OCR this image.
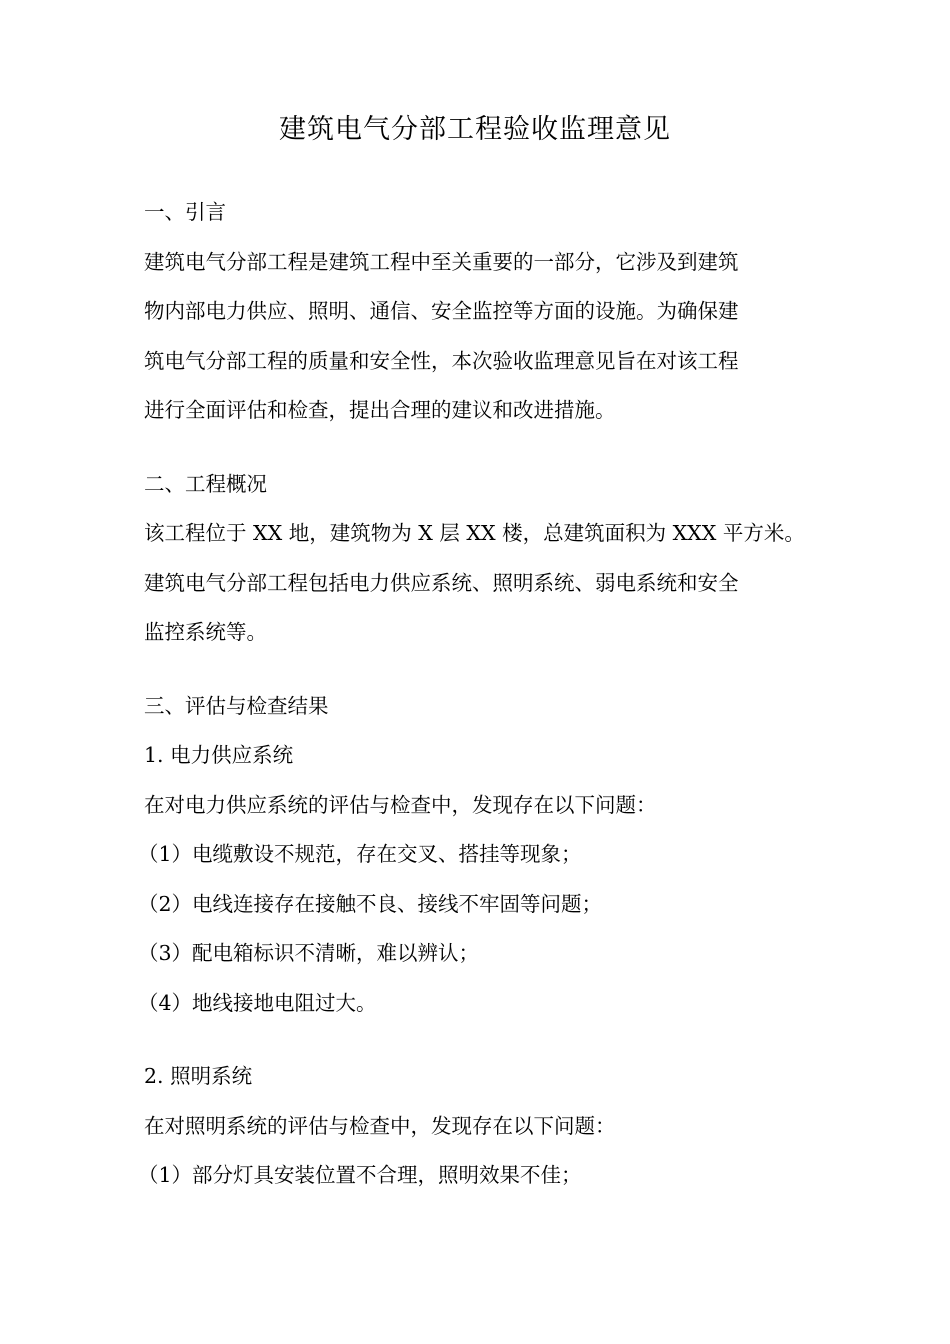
建筑电气分部工程验收监理意见

一、引言

建筑电气分部工程是建筑工程中至关重要的一部分，它涉及到建筑

物内部电力供应、照明、通信、安全监控等方面的设施。为确保建

筑电气分部工程的质量和安全性，本次验收监理意见旨在对该工程

进行全面评估和检查，提出合理的建议和改进措施。

二、工程概况

该工程位于 XX 地，建筑物为 X 层 XX 楼，总建筑面积为 XXX 平方米。

建筑电气分部工程包括电力供应系统、照明系统、弱电系统和安全

监控系统等。

三、评估与检查结果

1. 电力供应系统

在对电力供应系统的评估与检查中，发现存在以下问题：

（1）电缆敷设不规范，存在交叉、搭挂等现象；
（2）电线连接存在接触不良、接线不牢固等问题；
（3）配电箱标识不清晰，难以辨认；
（4）地线接地电阻过大。

2. 照明系统

在对照明系统的评估与检查中，发现存在以下问题：

（1）部分灯具安装位置不合理，照明效果不佳；
